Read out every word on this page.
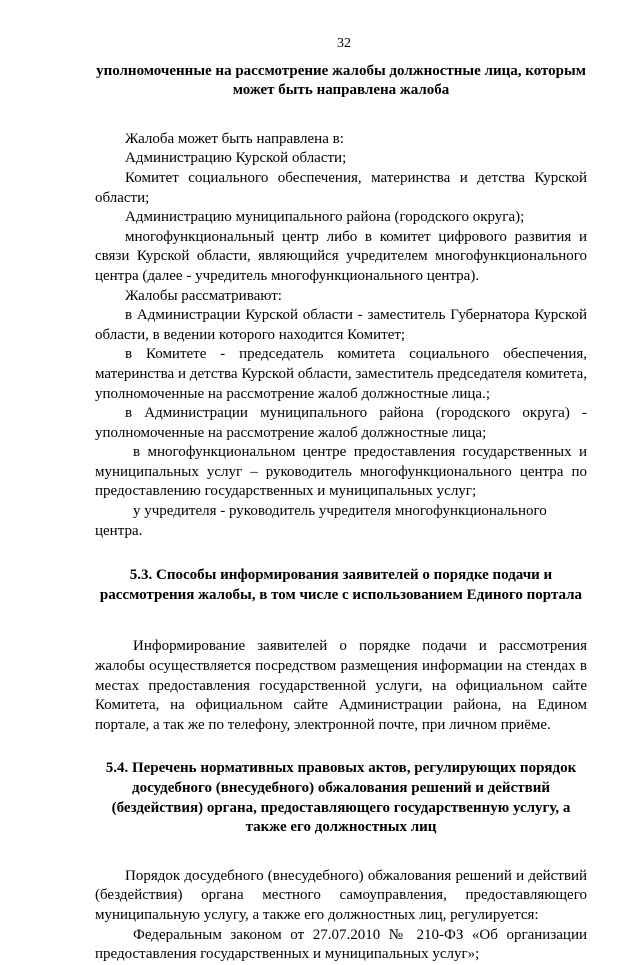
32
уполномоченные на рассмотрение жалобы должностные лица, которым может быть направлена жалоба

Жалоба может быть направлена в:

Администрацию Курской области;

Комитет социального обеспечения, материнства и детства Курской области;

Администрацию муниципального района (городского округа);

многофункциональный центр либо в комитет цифрового развития и связи Курской области, являющийся учредителем многофункционального центра (далее - учредитель многофункционального центра).

Жалобы рассматривают:

в Администрации Курской области - заместитель Губернатора Курской области, в ведении которого находится Комитет;

в Комитете - председатель комитета социального обеспечения, материнства и детства Курской области, заместитель председателя комитета, уполномоченные на рассмотрение жалоб должностные лица.;

в Администрации муниципального района (городского округа) - уполномоченные на рассмотрение жалоб должностные лица;

в многофункциональном центре предоставления государственных и муниципальных услуг – руководитель многофункционального центра по предоставлению государственных и муниципальных услуг;

у учредителя - руководитель учредителя многофункционального центра.

5.3. Способы информирования заявителей о порядке подачи и рассмотрения жалобы, в том числе с использованием Единого портала

Информирование заявителей о порядке подачи и рассмотрения жалобы осуществляется посредством размещения информации на стендах в местах предоставления государственной услуги, на официальном сайте Комитета, на официальном сайте Администрации района, на Едином портале, а так же по телефону, электронной почте, при личном приёме.

5.4. Перечень нормативных правовых актов, регулирующих порядок досудебного (внесудебного) обжалования решений и действий (бездействия) органа, предоставляющего государственную услугу, а также его должностных лиц

Порядок досудебного (внесудебного) обжалования решений и действий (бездействия) органа местного самоуправления, предоставляющего муниципальную услугу, а также его должностных лиц, регулируется:

Федеральным законом от 27.07.2010 № 210-ФЗ «Об организации предоставления государственных и муниципальных услуг»;
